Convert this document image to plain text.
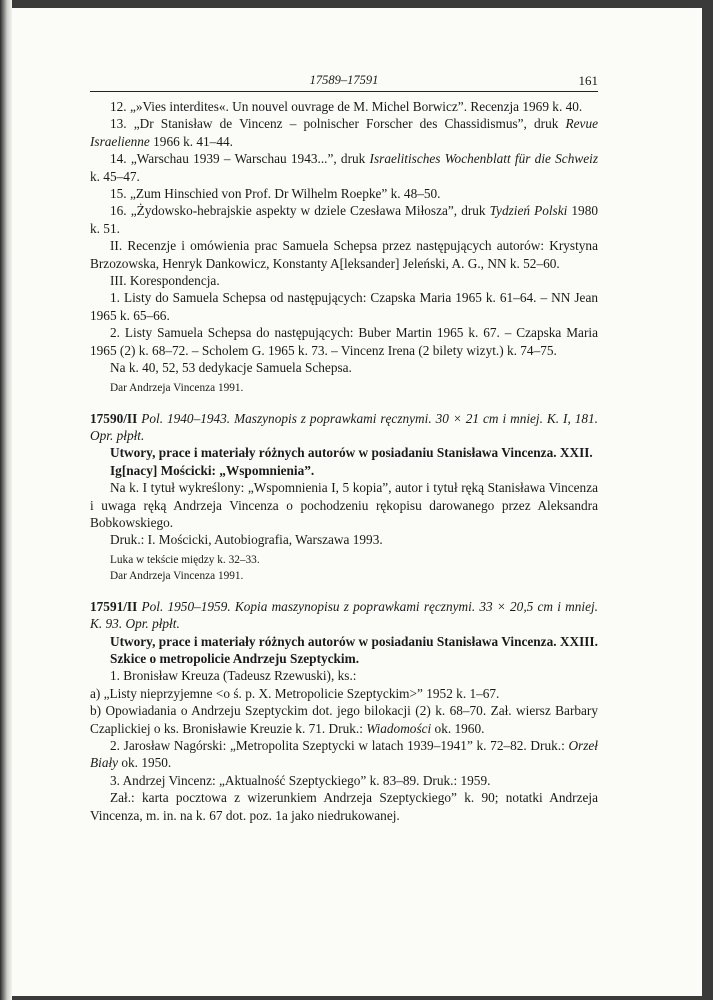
17589–17591	161

12. „»Vies interdites«. Un nouvel ouvrage de M. Michel Borwicz”. Recenzja 1969 k. 40.

13. „Dr Stanisław de Vincenz – polnischer Forscher des Chassidismus”, druk Revue Israelienne 1966 k. 41–44.

14. „Warschau 1939 – Warschau 1943...”, druk Israelitisches Wochenblatt für die Schweiz k. 45–47.

15. „Zum Hinschied von Prof. Dr Wilhelm Roepke” k. 48–50.

16. „Żydowsko-hebrajskie aspekty w dziele Czesława Miłosza”, druk Tydzień Polski 1980 k. 51.

II. Recenzje i omówienia prac Samuela Schepsa przez następujących autorów: Krystyna Brzozowska, Henryk Dankowicz, Konstanty A[leksander] Jeleński, A. G., NN k. 52–60.

III. Korespondencja.

1. Listy do Samuela Schepsa od następujących: Czapska Maria 1965 k. 61–64. – NN Jean 1965 k. 65–66.

2. Listy Samuela Schepsa do następujących: Buber Martin 1965 k. 67. – Czapska Maria 1965 (2) k. 68–72. – Scholem G. 1965 k. 73. – Vincenz Irena (2 bilety wizyt.) k. 74–75.

Na k. 40, 52, 53 dedykacje Samuela Schepsa.

Dar Andrzeja Vincenza 1991.

17590/II Pol. 1940–1943. Maszynopis z poprawkami ręcznymi. 30 × 21 cm i mniej. K. I, 181. Opr. płpłt.

Utwory, prace i materiały różnych autorów w posiadaniu Stanisława Vincenza. XXII.

Ig[nacy] Mościcki: „Wspomnienia”.

Na k. I tytuł wykreślony: „Wspomnienia I, 5 kopia”, autor i tytuł ręką Stanisława Vincenza i uwaga ręką Andrzeja Vincenza o pochodzeniu rękopisu darowanego przez Aleksandra Bobkowskiego.

Druk.: I. Mościcki, Autobiografia, Warszawa 1993.

Luka w tekście między k. 32–33.

Dar Andrzeja Vincenza 1991.

17591/II Pol. 1950–1959. Kopia maszynopisu z poprawkami ręcznymi. 33 × 20,5 cm i mniej. K. 93. Opr. płpłt.

Utwory, prace i materiały różnych autorów w posiadaniu Stanisława Vincenza. XXIII.

Szkice o metropolicie Andrzeju Szeptyckim.

1. Bronisław Kreuza (Tadeusz Rzewuski), ks.:

a) „Listy nieprzyjemne <o ś. p. X. Metropolicie Szeptyckim>” 1952 k. 1–67.

b) Opowiadania o Andrzeju Szeptyckim dot. jego bilokacji (2) k. 68–70. Zał. wiersz Barbary Czaplickiej o ks. Bronisławie Kreuzie k. 71. Druk.: Wiadomości ok. 1960.

2. Jarosław Nagórski: „Metropolita Szeptycki w latach 1939–1941” k. 72–82. Druk.: Orzeł Biały ok. 1950.

3. Andrzej Vincenz: „Aktualność Szeptyckiego” k. 83–89. Druk.: 1959.

Zał.: karta pocztowa z wizerunkiem Andrzeja Szeptyckiego” k. 90; notatki Andrzeja Vincenza, m. in. na k. 67 dot. poz. 1a jako niedrukowanej.
